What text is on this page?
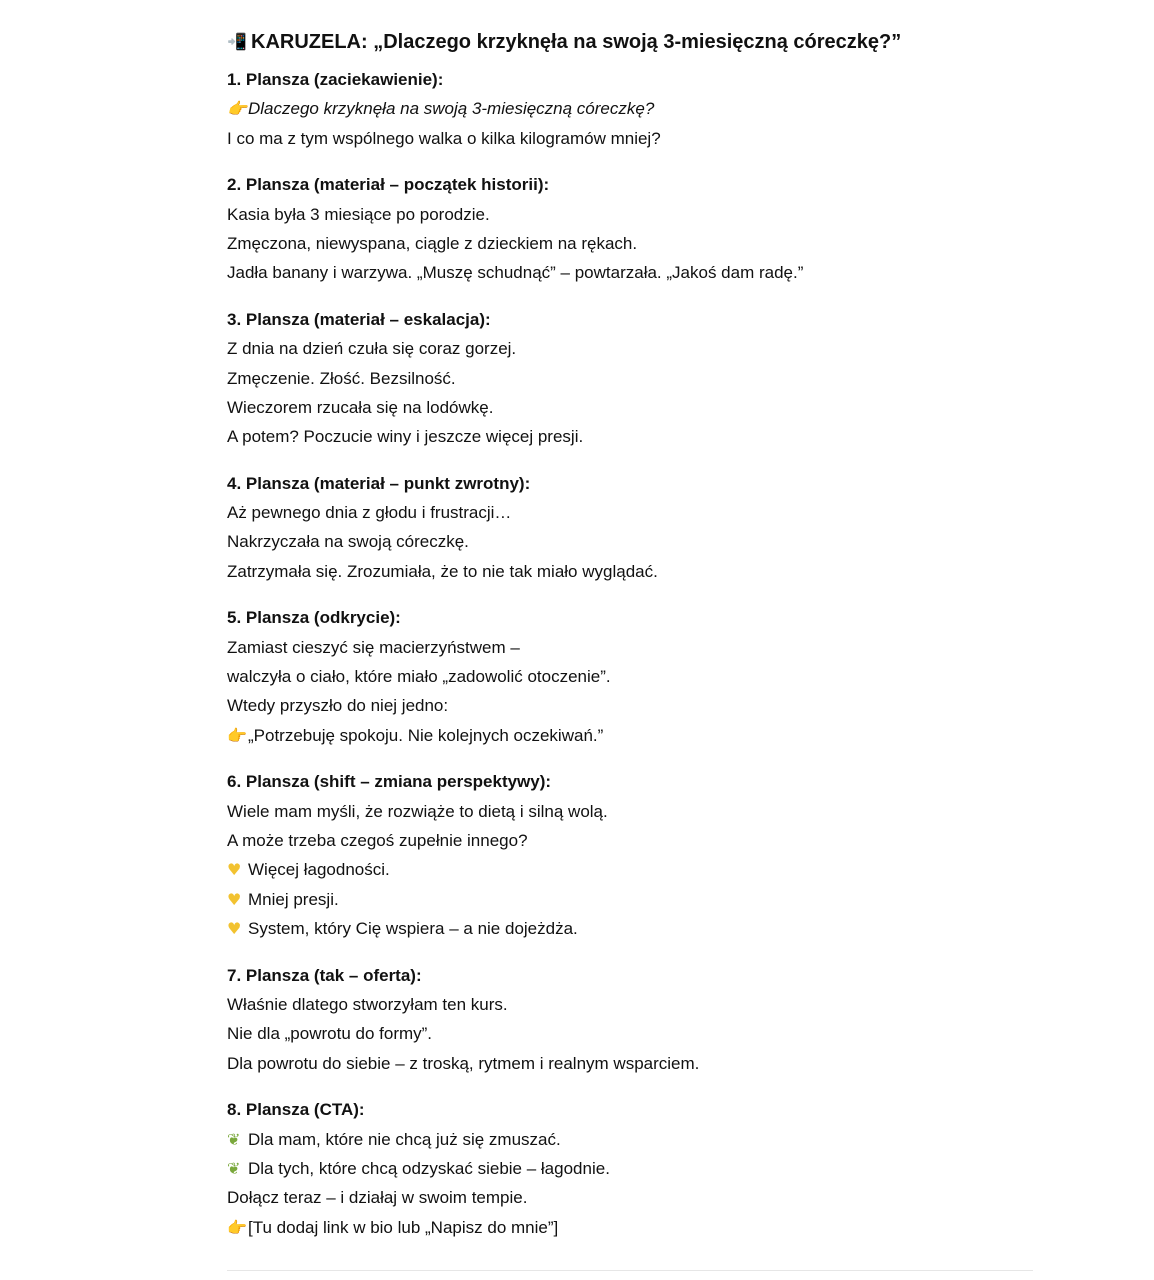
📲 KARUZELA: „Dlaczego krzyknęła na swoją 3-miesięczną córeczkę?”
1. Plansza (zaciekawienie):
👉 Dlaczego krzyknęła na swoją 3-miesięczną córeczkę?
I co ma z tym wspólnego walka o kilka kilogramów mniej?
2. Plansza (materiał – początek historii):
Kasia była 3 miesiące po porodzie.
Zmęczona, niewyspana, ciągle z dzieckiem na rękach.
Jadła banany i warzywa. „Muszę schudnąć” – powtarzała. „Jakoś dam radę.”
3. Plansza (materiał – eskalacja):
Z dnia na dzień czuła się coraz gorzej.
Zmęczenie. Złość. Bezsilność.
Wieczorem rzucała się na lodówkę.
A potem? Poczucie winy i jeszcze więcej presji.
4. Plansza (materiał – punkt zwrotny):
Aż pewnego dnia z głodu i frustracji…
Nakrzyczała na swoją córeczkę.
Zatrzymała się. Zrozumiała, że to nie tak miało wyglądać.
5. Plansza (odkrycie):
Zamiast cieszyć się macierzyństwem –
walczyła o ciało, które miało „zadowolić otoczenie”.
Wtedy przyszło do niej jedno:
👉 „Potrzebuję spokoju. Nie kolejnych oczekiwań.”
6. Plansza (shift – zmiana perspektywy):
Wiele mam myśli, że rozwiąże to dietą i silną wolą.
A może trzeba czegoś zupełnie innego?
♥ Więcej łagodności.
♥ Mniej presji.
♥ System, który Cię wspiera – a nie dojeżdża.
7. Plansza (tak – oferta):
Właśnie dlatego stworzyłam ten kurs.
Nie dla „powrotu do formy”.
Dla powrotu do siebie – z troską, rytmem i realnym wsparciem.
8. Plansza (CTA):
❦ Dla mam, które nie chcą już się zmuszać.
❦ Dla tych, które chcą odzyskać siebie – łagodnie.
Dołącz teraz – i działaj w swoim tempie.
👉 [Tu dodaj link w bio lub „Napisz do mnie”]
